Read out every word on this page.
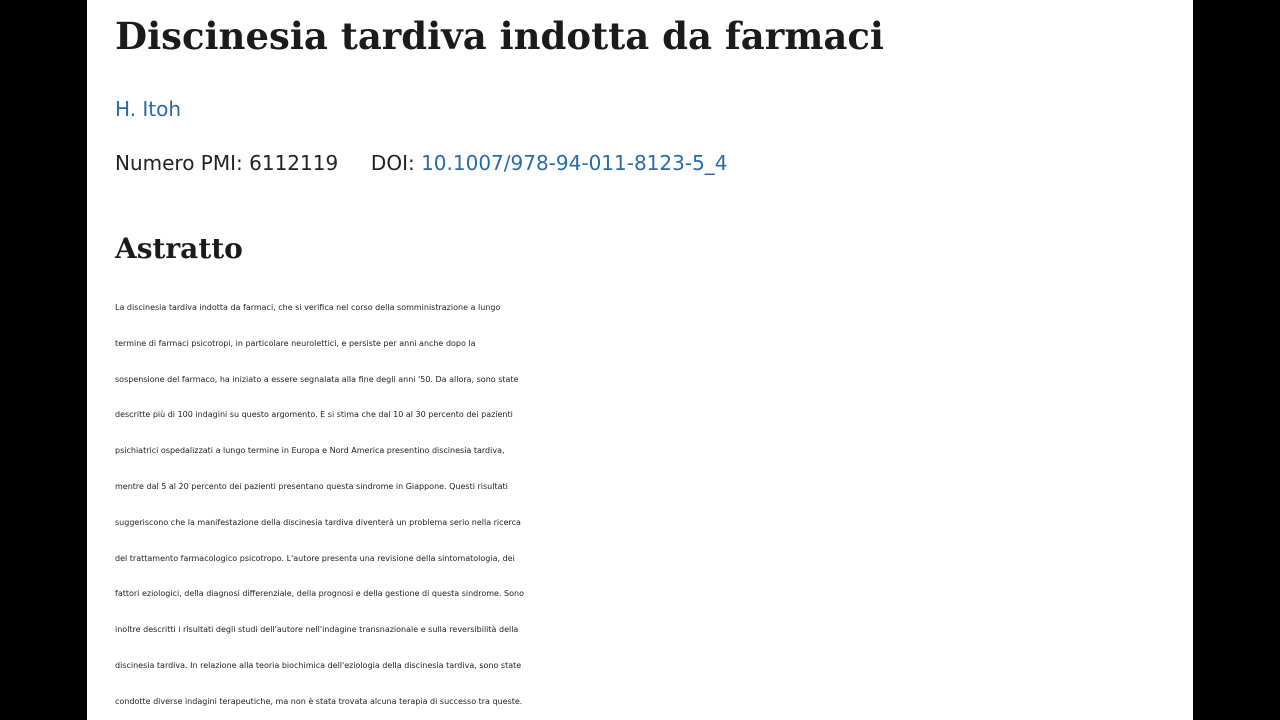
Discinesia tardiva indotta da farmaci
H. Itoh
Numero PMI: 6112119 DOI: 10.1007/978-94-011-8123-5_4
Astratto

La discinesia tardiva indotta da farmaci, che si verifica nel corso della somministrazione a lungo
termine di farmaci psicotropi, in particolare neurolettici, e persiste per anni anche dopo la
sospensione del farmaco, ha iniziato a essere segnalata alla fine degli anni '50. Da allora, sono state
descritte più di 100 indagini su questo argomento. E si stima che dal 10 al 30 percento dei pazienti
psichiatrici ospedalizzati a lungo termine in Europa e Nord America presentino discinesia tardiva,
mentre dal 5 al 20 percento dei pazienti presentano questa sindrome in Giappone. Questi risultati
suggeriscono che la manifestazione della discinesia tardiva diventerà un problema serio nella ricerca
del trattamento farmacologico psicotropo. L'autore presenta una revisione della sintomatologia, dei
fattori eziologici, della diagnosi differenziale, della prognosi e della gestione di questa sindrome. Sono
inoltre descritti i risultati degli studi dell'autore nell'indagine transnazionale e sulla reversibilità della
discinesia tardiva. In relazione alla teoria biochimica dell'eziologia della discinesia tardiva, sono state
condotte diverse indagini terapeutiche, ma non è stata trovata alcuna terapia di successo tra queste.
